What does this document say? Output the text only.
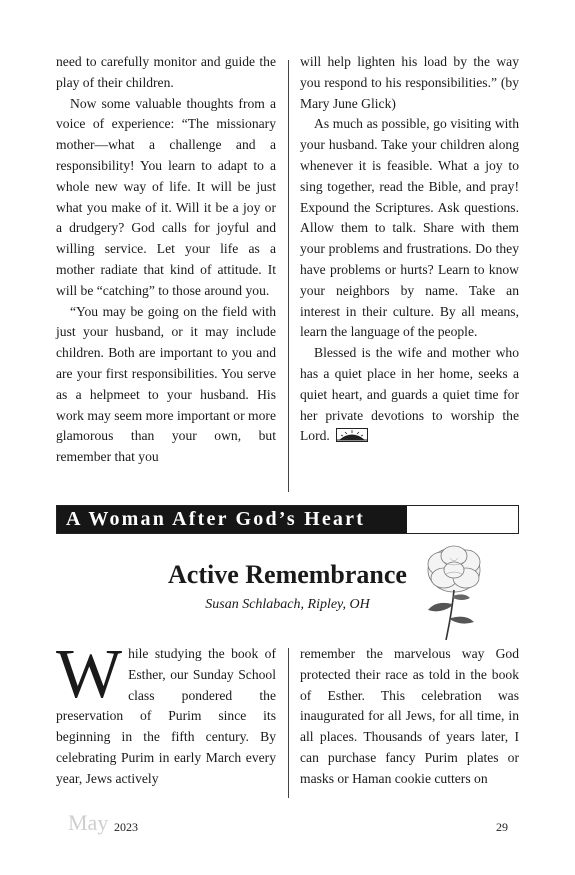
need to carefully monitor and guide the play of their children.

Now some valuable thoughts from a voice of experience: “The missionary mother—what a challenge and a responsibility! You learn to adapt to a whole new way of life. It will be just what you make of it. Will it be a joy or a drudgery? God calls for joyful and willing service. Let your life as a mother radiate that kind of attitude. It will be “catching” to those around you.

“You may be going on the field with just your husband, or it may include children. Both are important to you and are your first responsibilities. You serve as a helpmeet to your husband. His work may seem more important or more glamorous than your own, but remember that you

will help lighten his load by the way you respond to his responsibilities.” (by Mary June Glick)

As much as possible, go visiting with your husband. Take your children along whenever it is feasible. What a joy to sing together, read the Bible, and pray! Expound the Scriptures. Ask questions. Allow them to talk. Share with them your problems and frustrations. Do they have problems or hurts? Learn to know your neighbors by name. Take an interest in their culture. By all means, learn the language of the people.

Blessed is the wife and mother who has a quiet place in her home, seeks a quiet heart, and guards a quiet time for her private devotions to worship the Lord.

A Woman After God’s Heart
Active Remembrance
Susan Schlabach, Ripley, OH

While studying the book of Esther, our Sunday School class pondered the preservation of Purim since its beginning in the fifth century. By celebrating Purim in early March every year, Jews actively

remember the marvelous way God protected their race as told in the book of Esther. This celebration was inaugurated for all Jews, for all time, in all places. Thousands of years later, I can purchase fancy Purim plates or masks or Haman cookie cutters on

May 2023	29
